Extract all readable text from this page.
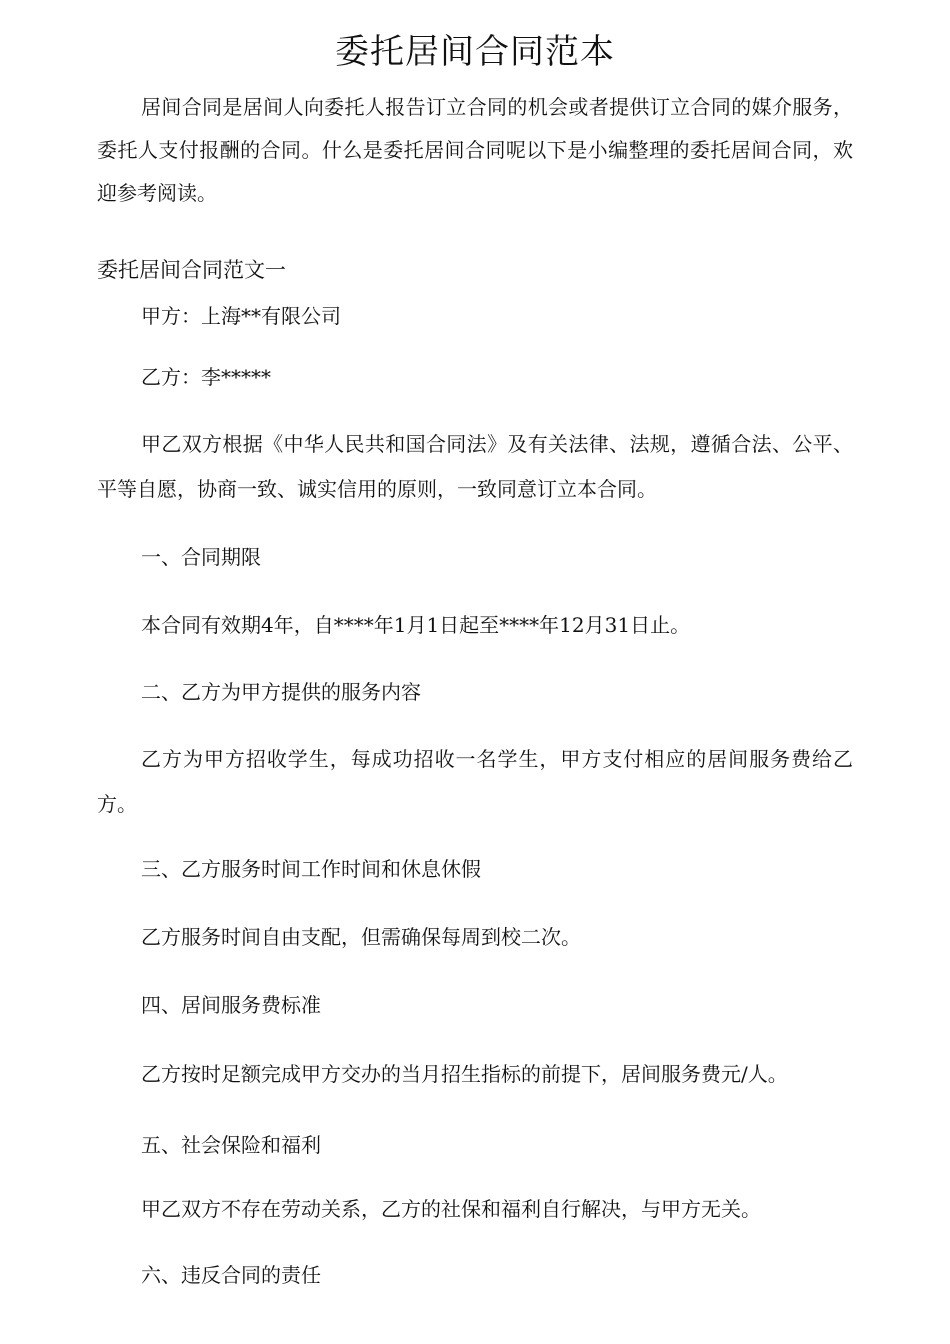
委托居间合同范本
居间合同是居间人向委托人报告订立合同的机会或者提供订立合同的媒介服务，委托人支付报酬的合同。什么是委托居间合同呢以下是小编整理的委托居间合同，欢迎参考阅读。
委托居间合同范文一

甲方：上海**有限公司

乙方：李*****

甲乙双方根据《中华人民共和国合同法》及有关法律、法规，遵循合法、公平、平等自愿，协商一致、诚实信用的原则，一致同意订立本合同。

一、合同期限

本合同有效期4年，自****年1月1日起至****年12月31日止。

二、乙方为甲方提供的服务内容

乙方为甲方招收学生，每成功招收一名学生，甲方支付相应的居间服务费给乙方。

三、乙方服务时间工作时间和休息休假

乙方服务时间自由支配，但需确保每周到校二次。

四、居间服务费标准

乙方按时足额完成甲方交办的当月招生指标的前提下，居间服务费元/人。

五、社会保险和福利

甲乙双方不存在劳动关系，乙方的社保和福利自行解决，与甲方无关。

六、违反合同的责任
